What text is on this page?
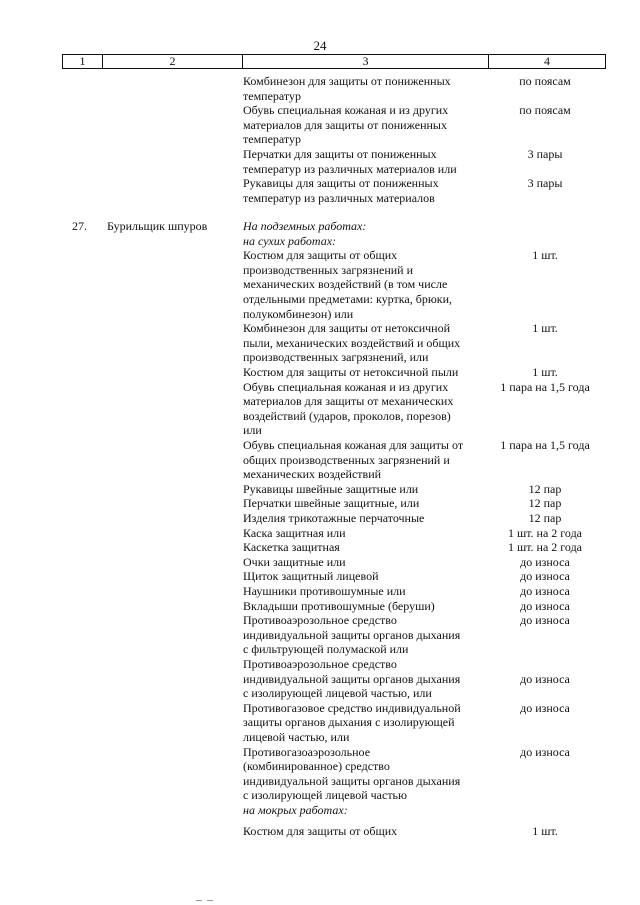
24
1	2	3	4
Комбинезон для защиты от пониженных	по поясам
температур
Обувь специальная кожаная и из других	по поясам
материалов для защиты от пониженных
температур
Перчатки для защиты от пониженных	3 пары
температур из различных материалов или
Рукавицы для защиты от пониженных	3 пары
температур из различных материалов
27. Бурильщик шпуров	На подземных работах:
на сухих работах:
Костюм для защиты от общих	1 шт.
производственных загрязнений и
механических воздействий (в том числе
отдельными предметами: куртка, брюки,
полукомбинезон) или
Комбинезон для защиты от нетоксичной	1 шт.
пыли, механических воздействий и общих
производственных загрязнений, или
Костюм для защиты от нетоксичной пыли	1 шт.
Обувь специальная кожаная и из других	1 пара на 1,5 года
материалов для защиты от механических
воздействий (ударов, проколов, порезов)
или
Обувь специальная кожаная для защиты от	1 пара на 1,5 года
общих производственных загрязнений и
механических воздействий
Рукавицы швейные защитные или	12 пар
Перчатки швейные защитные, или	12 пар
Изделия трикотажные перчаточные	12 пар
Каска защитная или	1 шт. на 2 года
Каскетка защитная	1 шт. на 2 года
Очки защитные или	до износа
Щиток защитный лицевой	до износа
Наушники противошумные или	до износа
Вкладыши противошумные (беруши)	до износа
Противоаэрозольное средство	до износа
индивидуальной защиты органов дыхания
с фильтрующей полумаской или
Противоаэрозольное средство
индивидуальной защиты органов дыхания	до износа
с изолирующей лицевой частью, или
Противогазовое средство индивидуальной	до износа
защиты органов дыхания с изолирующей
лицевой частью, или
Противогазоаэрозольное	до износа
(комбинированное) средство
индивидуальной защиты органов дыхания
с изолирующей лицевой частью
на мокрых работах:
Костюм для защиты от общих	1 шт.
